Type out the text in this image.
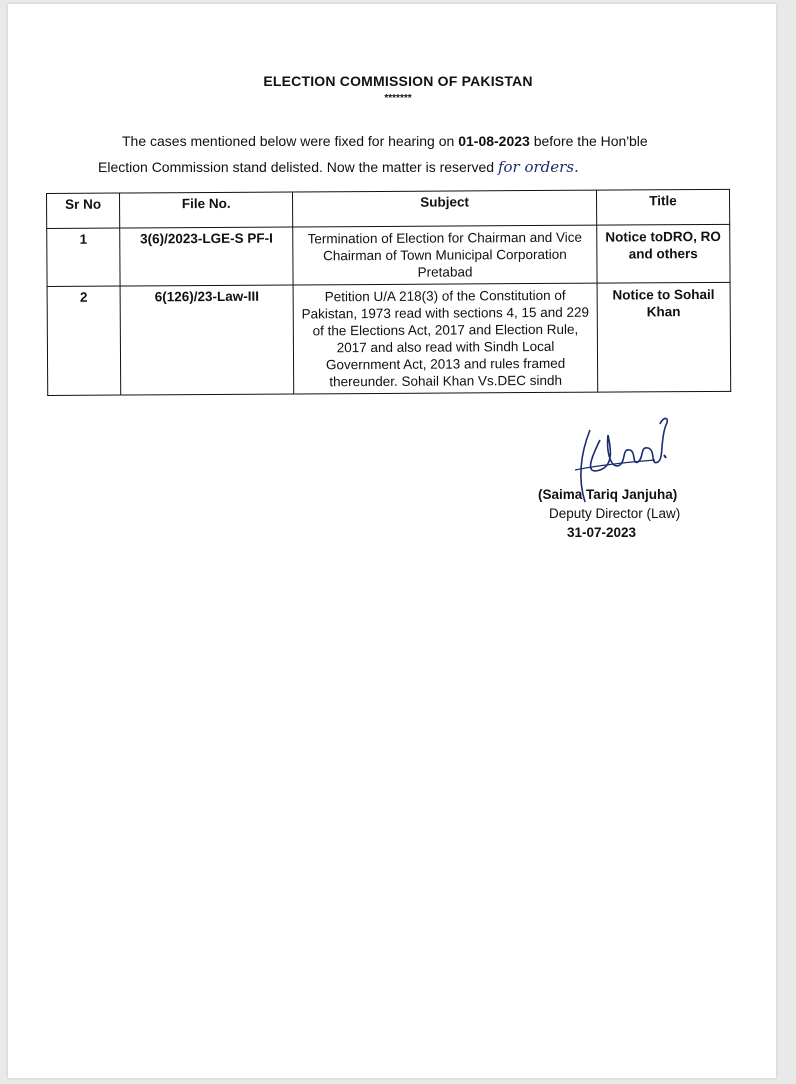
ELECTION COMMISSION OF PAKISTAN
*******
The cases mentioned below were fixed for hearing on 01-08-2023 before the Hon'ble
Election Commission stand delisted. Now the matter is reserved for orders.
Sr No	File No.	Subject	Title
1	3(6)/2023-LGE-S PF-I	Termination of Election for Chairman and Vice Chairman of Town Municipal Corporation Pretabad	Notice toDRO, RO and others
2	6(126)/23-Law-III	Petition U/A 218(3) of the Constitution of Pakistan, 1973 read with sections 4, 15 and 229 of the Elections Act, 2017 and Election Rule, 2017 and also read with Sindh Local Government Act, 2013 and rules framed thereunder. Sohail Khan Vs.DEC sindh	Notice to Sohail Khan
(Saima Tariq Janjuha)
Deputy Director (Law)
31-07-2023
